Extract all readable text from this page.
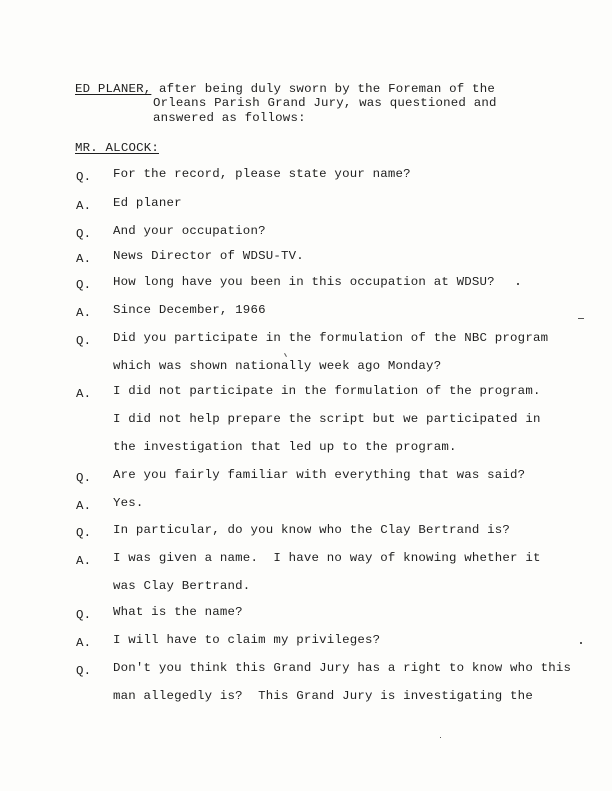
ED PLANER, after being duly sworn by the Foreman of the
Orleans Parish Grand Jury, was questioned and
answered as follows:
MR. ALCOCK:
Q.
A.
Q.
A.
Q.
A.
Q.
A.
Q.
A.
Q.
A.
Q.
A.
Q.
For the record, please state your name?
Ed planer
And your occupation?
News Director of WDSU-TV.
How long have you been in this occupation at WDSU?
Since December, 1966
Did you participate in the formulation of the NBC program
which was shown nationally week ago Monday?
I did not participate in the formulation of the program.
I did not help prepare the script but we participated in
the investigation that led up to the program.
Are you fairly familiar with everything that was said?
Yes.
In particular, do you know who the Clay Bertrand is?
I was given a name.  I have no way of knowing whether it
was Clay Bertrand.
What is the name?
I will have to claim my privileges?
Don't you think this Grand Jury has a right to know who this
man allegedly is?  This Grand Jury is investigating the
